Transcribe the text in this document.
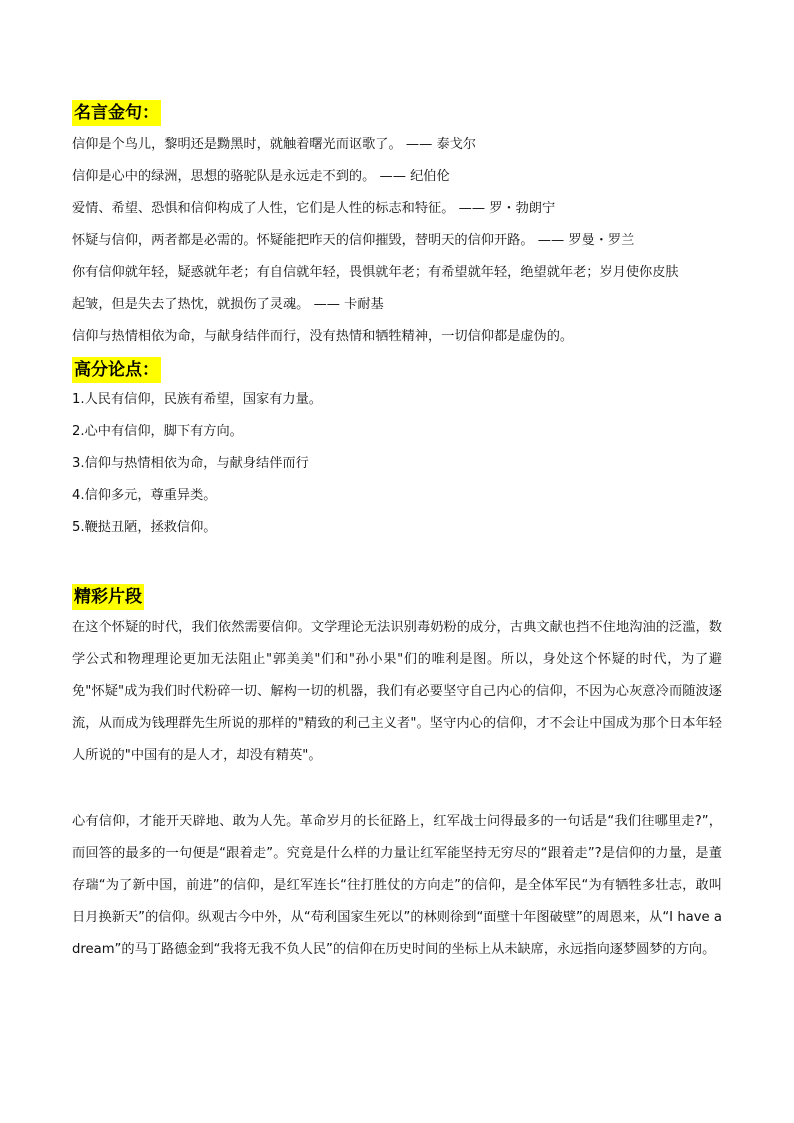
名言金句：
信仰是个鸟儿，黎明还是黝黑时，就触着曙光而讴歌了。 —— 泰戈尔
信仰是心中的绿洲，思想的骆驼队是永远走不到的。 —— 纪伯伦
爱情、希望、恐惧和信仰构成了人性，它们是人性的标志和特征。 —— 罗・勃朗宁
怀疑与信仰，两者都是必需的。怀疑能把昨天的信仰摧毁，替明天的信仰开路。 —— 罗曼・罗兰
你有信仰就年轻，疑惑就年老；有自信就年轻，畏惧就年老；有希望就年轻，绝望就年老；岁月使你皮肤
起皱，但是失去了热忱，就损伤了灵魂。 —— 卡耐基
信仰与热情相依为命，与献身结伴而行，没有热情和牺牲精神，一切信仰都是虚伪的。
高分论点：
1.人民有信仰，民族有希望，国家有力量。
2.心中有信仰，脚下有方向。
3.信仰与热情相依为命，与献身结伴而行
4.信仰多元，尊重异类。
5.鞭挞丑陋，拯救信仰。
精彩片段

在这个怀疑的时代，我们依然需要信仰。文学理论无法识别毒奶粉的成分，古典文献也挡不住地沟油的泛滥，数学公式和物理理论更加无法阻止"郭美美"们和"孙小果"们的唯利是图。所以，身处这个怀疑的时代，为了避免"怀疑"成为我们时代粉碎一切、解构一切的机器，我们有必要坚守自己内心的信仰，不因为心灰意冷而随波逐流，从而成为钱理群先生所说的那样的"精致的利己主义者"。坚守内心的信仰，才不会让中国成为那个日本年轻人所说的"中国有的是人才，却没有精英"。

心有信仰，才能开天辟地、敢为人先。革命岁月的长征路上，红军战士问得最多的一句话是“我们往哪里走?”，而回答的最多的一句便是“跟着走”。究竟是什么样的力量让红军能坚持无穷尽的“跟着走”?是信仰的力量，是董存瑞“为了新中国，前进”的信仰，是红军连长“往打胜仗的方向走”的信仰，是全体军民“为有牺牲多壮志，敢叫日月换新天”的信仰。纵观古今中外，从“苟利国家生死以”的林则徐到“面壁十年图破壁”的周恩来，从“I have a dream”的马丁路德金到“我将无我不负人民”的信仰在历史时间的坐标上从未缺席，永远指向逐梦圆梦的方向。
